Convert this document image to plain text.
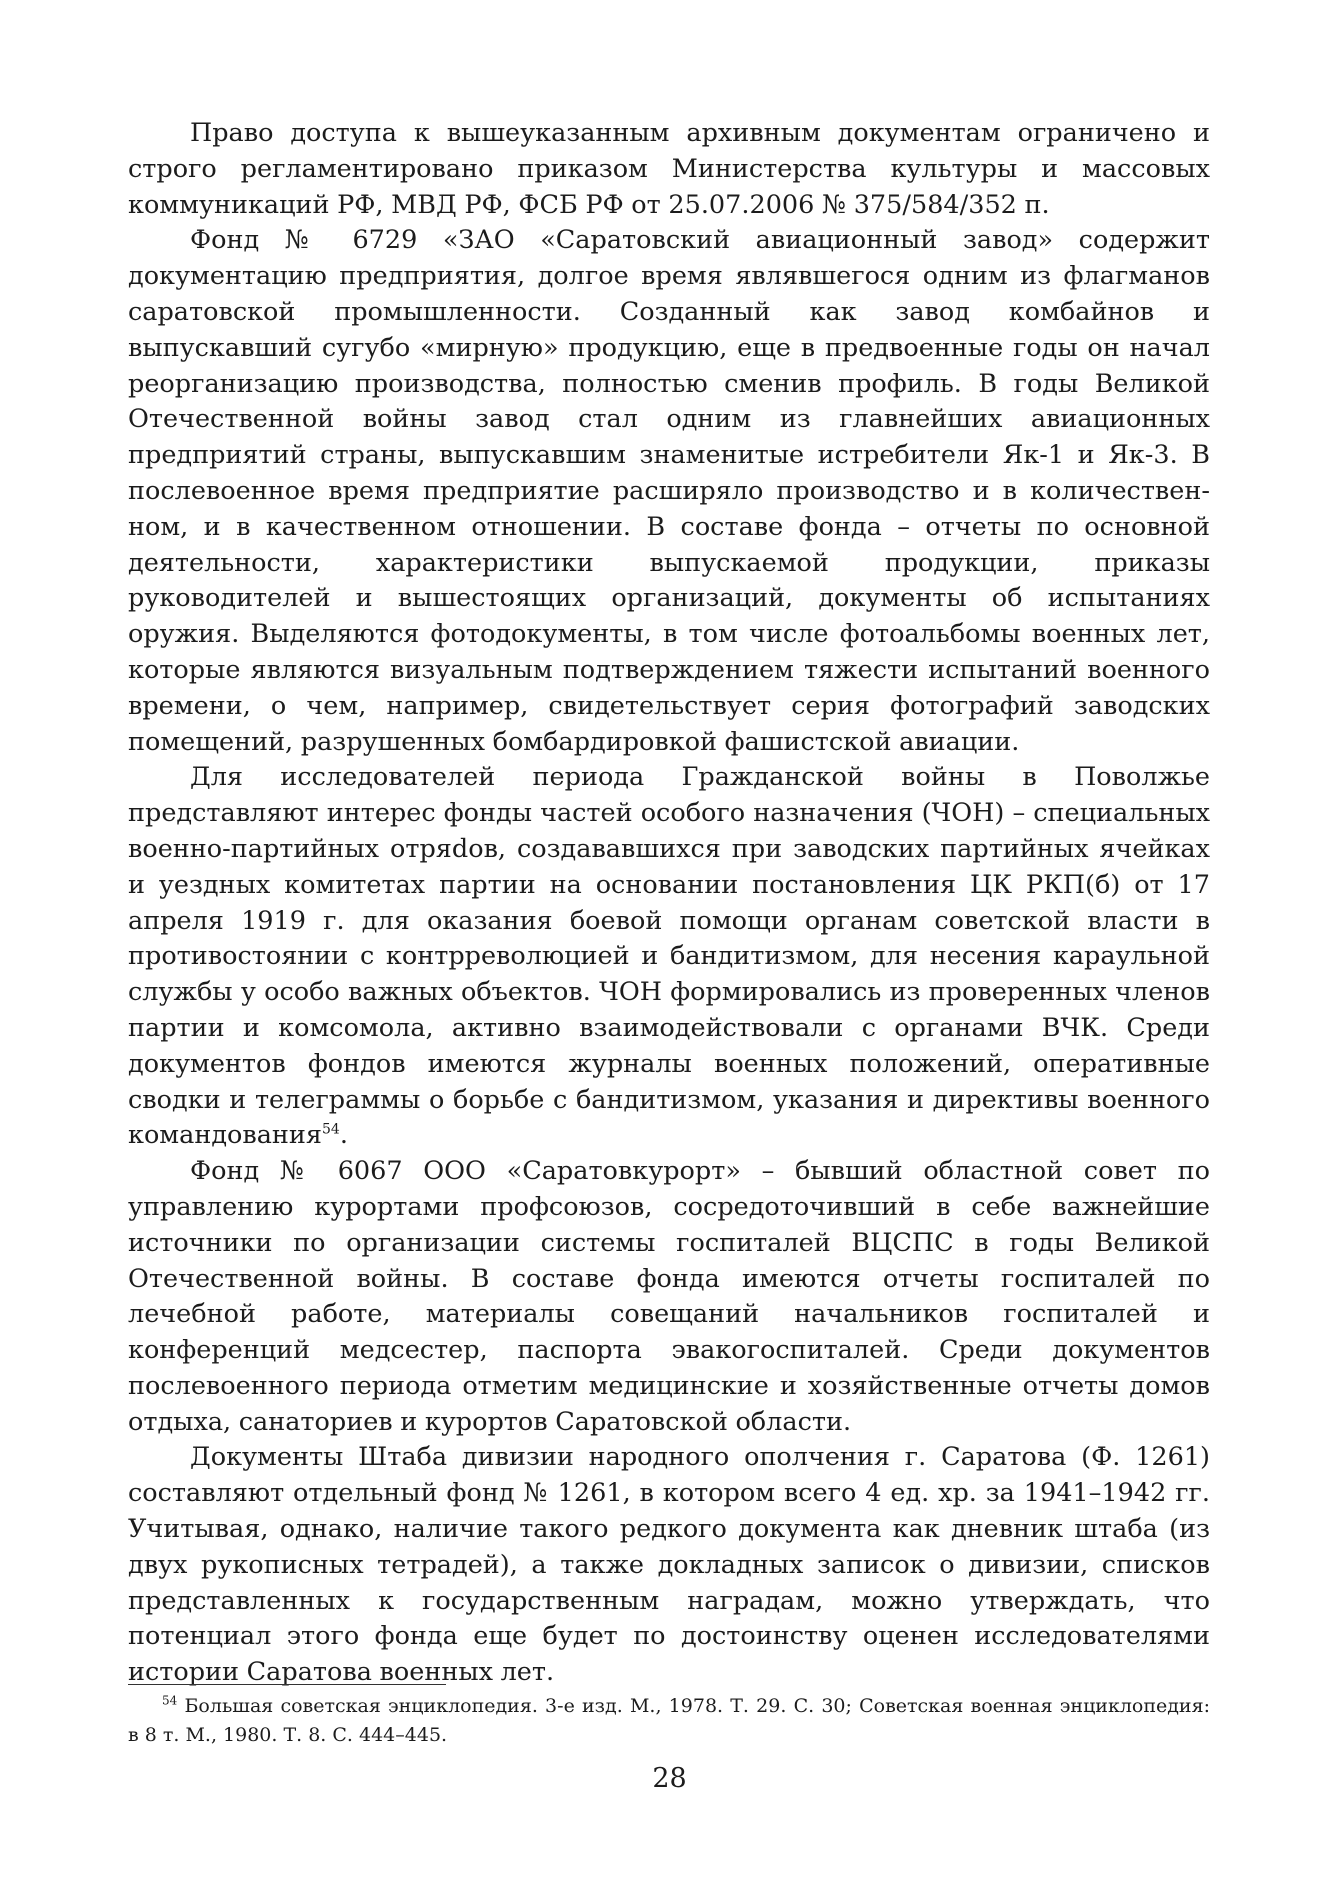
Право доступа к вышеуказанным архивным документам ограничено и строго регламентировано приказом Министерства культуры и массовых коммуникаций РФ, МВД РФ, ФСБ РФ от 25.07.2006 № 375/584/352 п.

Фонд № 6729 «ЗАО «Саратовский авиационный завод» содержит документацию предприятия, долгое время являвшегося одним из флагманов саратовской промышленности. Созданный как завод комбайнов и выпускавший сугубо «мирную» продукцию, еще в предвоенные годы он начал реорганизацию производства, полностью сменив профиль. В годы Великой Отечественной войны завод стал одним из главнейших авиационных предприятий страны, выпускавшим знаменитые истребители Як-1 и Як-3. В послевоенное время предприятие расширяло производство и в количественном, и в качественном отношении. В составе фонда – отчеты по основной деятельности, характеристики выпускаемой продукции, приказы руководителей и вышестоящих организаций, документы об испытаниях оружия. Выделяются фотодокументы, в том числе фотоальбомы военных лет, которые являются визуальным подтверждением тяжести испытаний военного времени, о чем, например, свидетельствует серия фотографий заводских помещений, разрушенных бомбардировкой фашистской авиации.

Для исследователей периода Гражданской войны в Поволжье представляют интерес фонды частей особого назначения (ЧОН) – специальных военно-партийных отряdов, создававшихся при заводских партийных ячейках и уездных комитетах партии на основании постановления ЦК РКП(б) от 17 апреля 1919 г. для оказания боевой помощи органам советской власти в противостоянии с контрреволюцией и бандитизмом, для несения караульной службы у особо важных объектов. ЧОН формировались из проверенных членов партии и комсомола, активно взаимодействовали с органами ВЧК. Среди документов фондов имеются журналы военных положений, оперативные сводки и телеграммы о борьбе с бандитизмом, указания и директивы военного командования$^{54}$.

Фонд № 6067 ООО «Саратовкурорт» – бывший областной совет по управлению курортами профсоюзов, сосредоточивший в себе важнейшие источники по организации системы госпиталей ВЦСПС в годы Великой Отечественной войны. В составе фонда имеются отчеты госпиталей по лечебной работе, материалы совещаний начальников госпиталей и конференций медсестер, паспорта эвакогоспиталей. Среди документов послевоенного периода отметим медицинские и хозяйственные отчеты домов отдыха, санаториев и курортов Саратовской области.

Документы Штаба дивизии народного ополчения г. Саратова (Ф. 1261) составляют отдельный фонд № 1261, в котором всего 4 ед. хр. за 1941–1942 гг. Учитывая, однако, наличие такого редкого документа как дневник штаба (из двух рукописных тетрадей), а также докладных записок о дивизии, списков представленных к государственным наградам, можно утверждать, что потенциал этого фонда еще будет по достоинству оценен исследователями истории Саратова военных лет.

$^{54}$ Большая советская энциклопедия. 3-е изд. М., 1978. Т. 29. С. 30; Советская военная энциклопедия: в 8 т. М., 1980. Т. 8. С. 444–445.

28
